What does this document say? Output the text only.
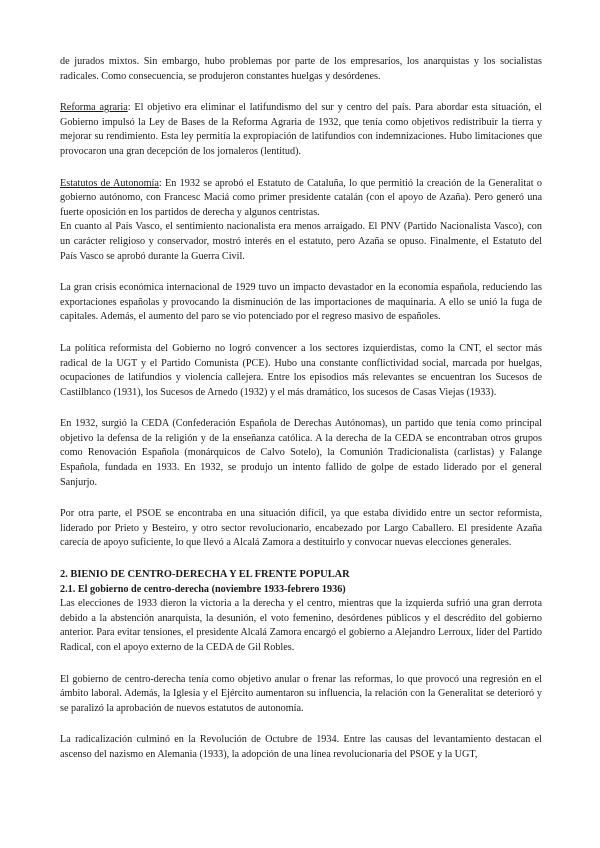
de jurados mixtos. Sin embargo, hubo problemas por parte de los empresarios, los anarquistas y los socialistas radicales. Como consecuencia, se produjeron constantes huelgas y desórdenes.

Reforma agraria: El objetivo era eliminar el latifundismo del sur y centro del país. Para abordar esta situación, el Gobierno impulsó la Ley de Bases de la Reforma Agraria de 1932, que tenía como objetivos redistribuir la tierra y mejorar su rendimiento. Esta ley permitía la expropiación de latifundios con indemnizaciones. Hubo limitaciones que provocaron una gran decepción de los jornaleros (lentitud).

Estatutos de Autonomía: En 1932 se aprobó el Estatuto de Cataluña, lo que permitió la creación de la Generalitat o gobierno autónomo, con Francesc Maciá como primer presidente catalán (con el apoyo de Azaña). Pero generó una fuerte oposición en los partidos de derecha y algunos centristas.

En cuanto al País Vasco, el sentimiento nacionalista era menos arraigado. El PNV (Partido Nacionalista Vasco), con un carácter religioso y conservador, mostró interés en el estatuto, pero Azaña se opuso. Finalmente, el Estatuto del País Vasco se aprobó durante la Guerra Civil.

La gran crisis económica internacional de 1929 tuvo un impacto devastador en la economía española, reduciendo las exportaciones españolas y provocando la disminución de las importaciones de maquinaria. A ello se unió la fuga de capitales. Además, el aumento del paro se vio potenciado por el regreso masivo de españoles.

La política reformista del Gobierno no logró convencer a los sectores izquierdistas, como la CNT, el sector más radical de la UGT y el Partido Comunista (PCE). Hubo una constante conflictividad social, marcada por huelgas, ocupaciones de latifundios y violencia callejera. Entre los episodios más relevantes se encuentran los Sucesos de Castilblanco (1931), los Sucesos de Arnedo (1932) y el más dramático, los sucesos de Casas Viejas (1933).

En 1932, surgió la CEDA (Confederación Española de Derechas Autónomas), un partido que tenía como principal objetivo la defensa de la religión y de la enseñanza católica. A la derecha de la CEDA se encontraban otros grupos como Renovación Española (monárquicos de Calvo Sotelo), la Comunión Tradicionalista (carlistas) y Falange Española, fundada en 1933. En 1932, se produjo un intento fallido de golpe de estado liderado por el general Sanjurjo.

Por otra parte, el PSOE se encontraba en una situación difícil, ya que estaba dividido entre un sector reformista, liderado por Prieto y Besteiro, y otro sector revolucionario, encabezado por Largo Caballero. El presidente Azaña carecía de apoyo suficiente, lo que llevó a Alcalá Zamora a destituirlo y convocar nuevas elecciones generales.

2. BIENIO DE CENTRO-DERECHA Y EL FRENTE POPULAR
2.1. El gobierno de centro-derecha (noviembre 1933-febrero 1936)

Las elecciones de 1933 dieron la victoria a la derecha y el centro, mientras que la izquierda sufrió una gran derrota debido a la abstención anarquista, la desunión, el voto femenino, desórdenes públicos y el descrédito del gobierno anterior. Para evitar tensiones, el presidente Alcalá Zamora encargó el gobierno a Alejandro Lerroux, líder del Partido Radical, con el apoyo externo de la CEDA de Gil Robles.

El gobierno de centro-derecha tenía como objetivo anular o frenar las reformas, lo que provocó una regresión en el ámbito laboral. Además, la Iglesia y el Ejército aumentaron su influencia, la relación con la Generalitat se deterioró y se paralizó la aprobación de nuevos estatutos de autonomía.

La radicalización culminó en la Revolución de Octubre de 1934. Entre las causas del levantamiento destacan el ascenso del nazismo en Alemania (1933), la adopción de una línea revolucionaria del PSOE y la UGT,
